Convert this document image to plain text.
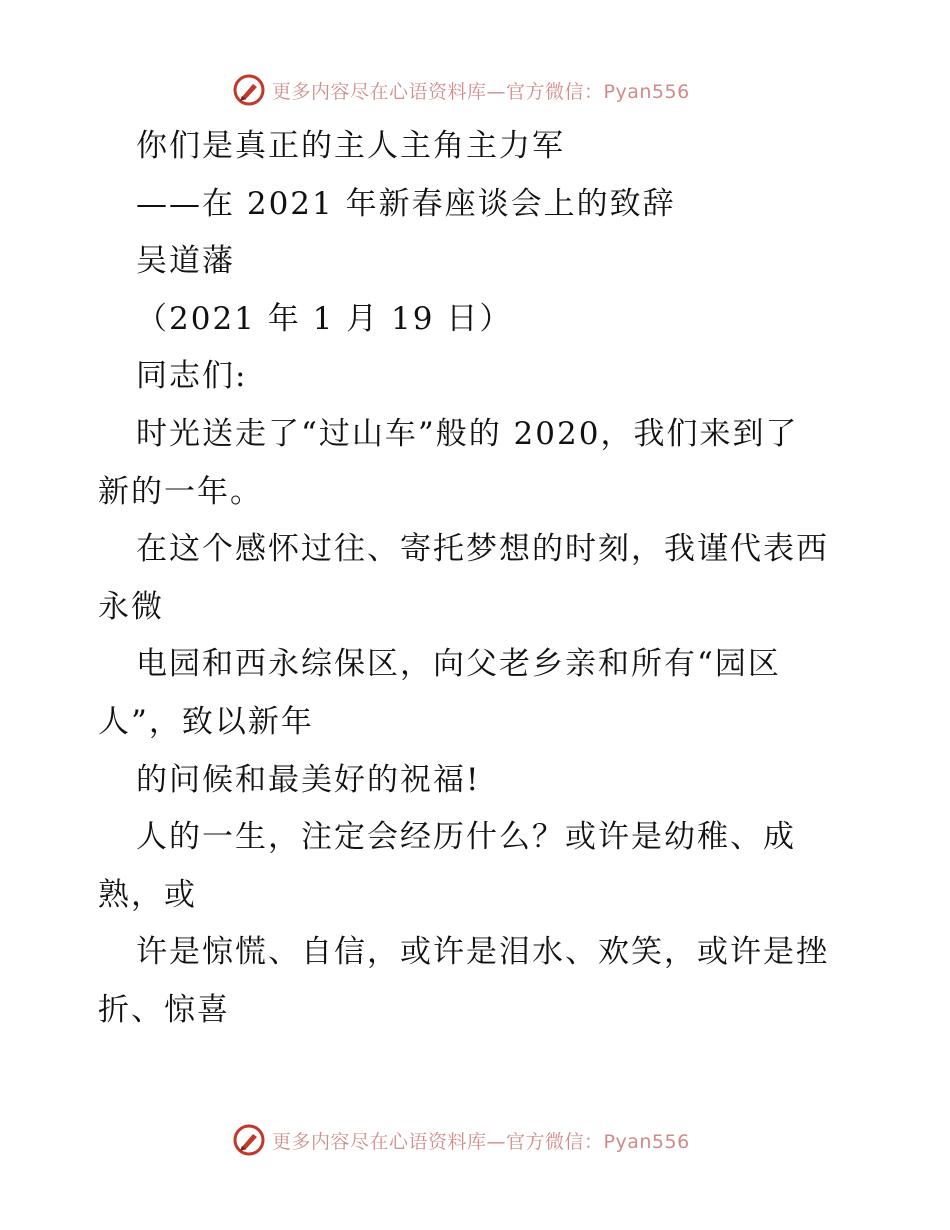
更多内容尽在心语资料库—官方微信：Pyan556
你们是真正的主人主角主力军
——在 2021 年新春座谈会上的致辞
吴道藩
（2021 年 1 月 19 日）
同志们:
时光送走了“过山车”般的 2020，我们来到了
新的一年。
在这个感怀过往、寄托梦想的时刻，我谨代表西
永微
电园和西永综保区，向父老乡亲和所有“园区
人”，致以新年
的问候和最美好的祝福!
人的一生，注定会经历什么？或许是幼稚、成
熟，或
许是惊慌、自信，或许是泪水、欢笑，或许是挫
折、惊喜
更多内容尽在心语资料库—官方微信：Pyan556
